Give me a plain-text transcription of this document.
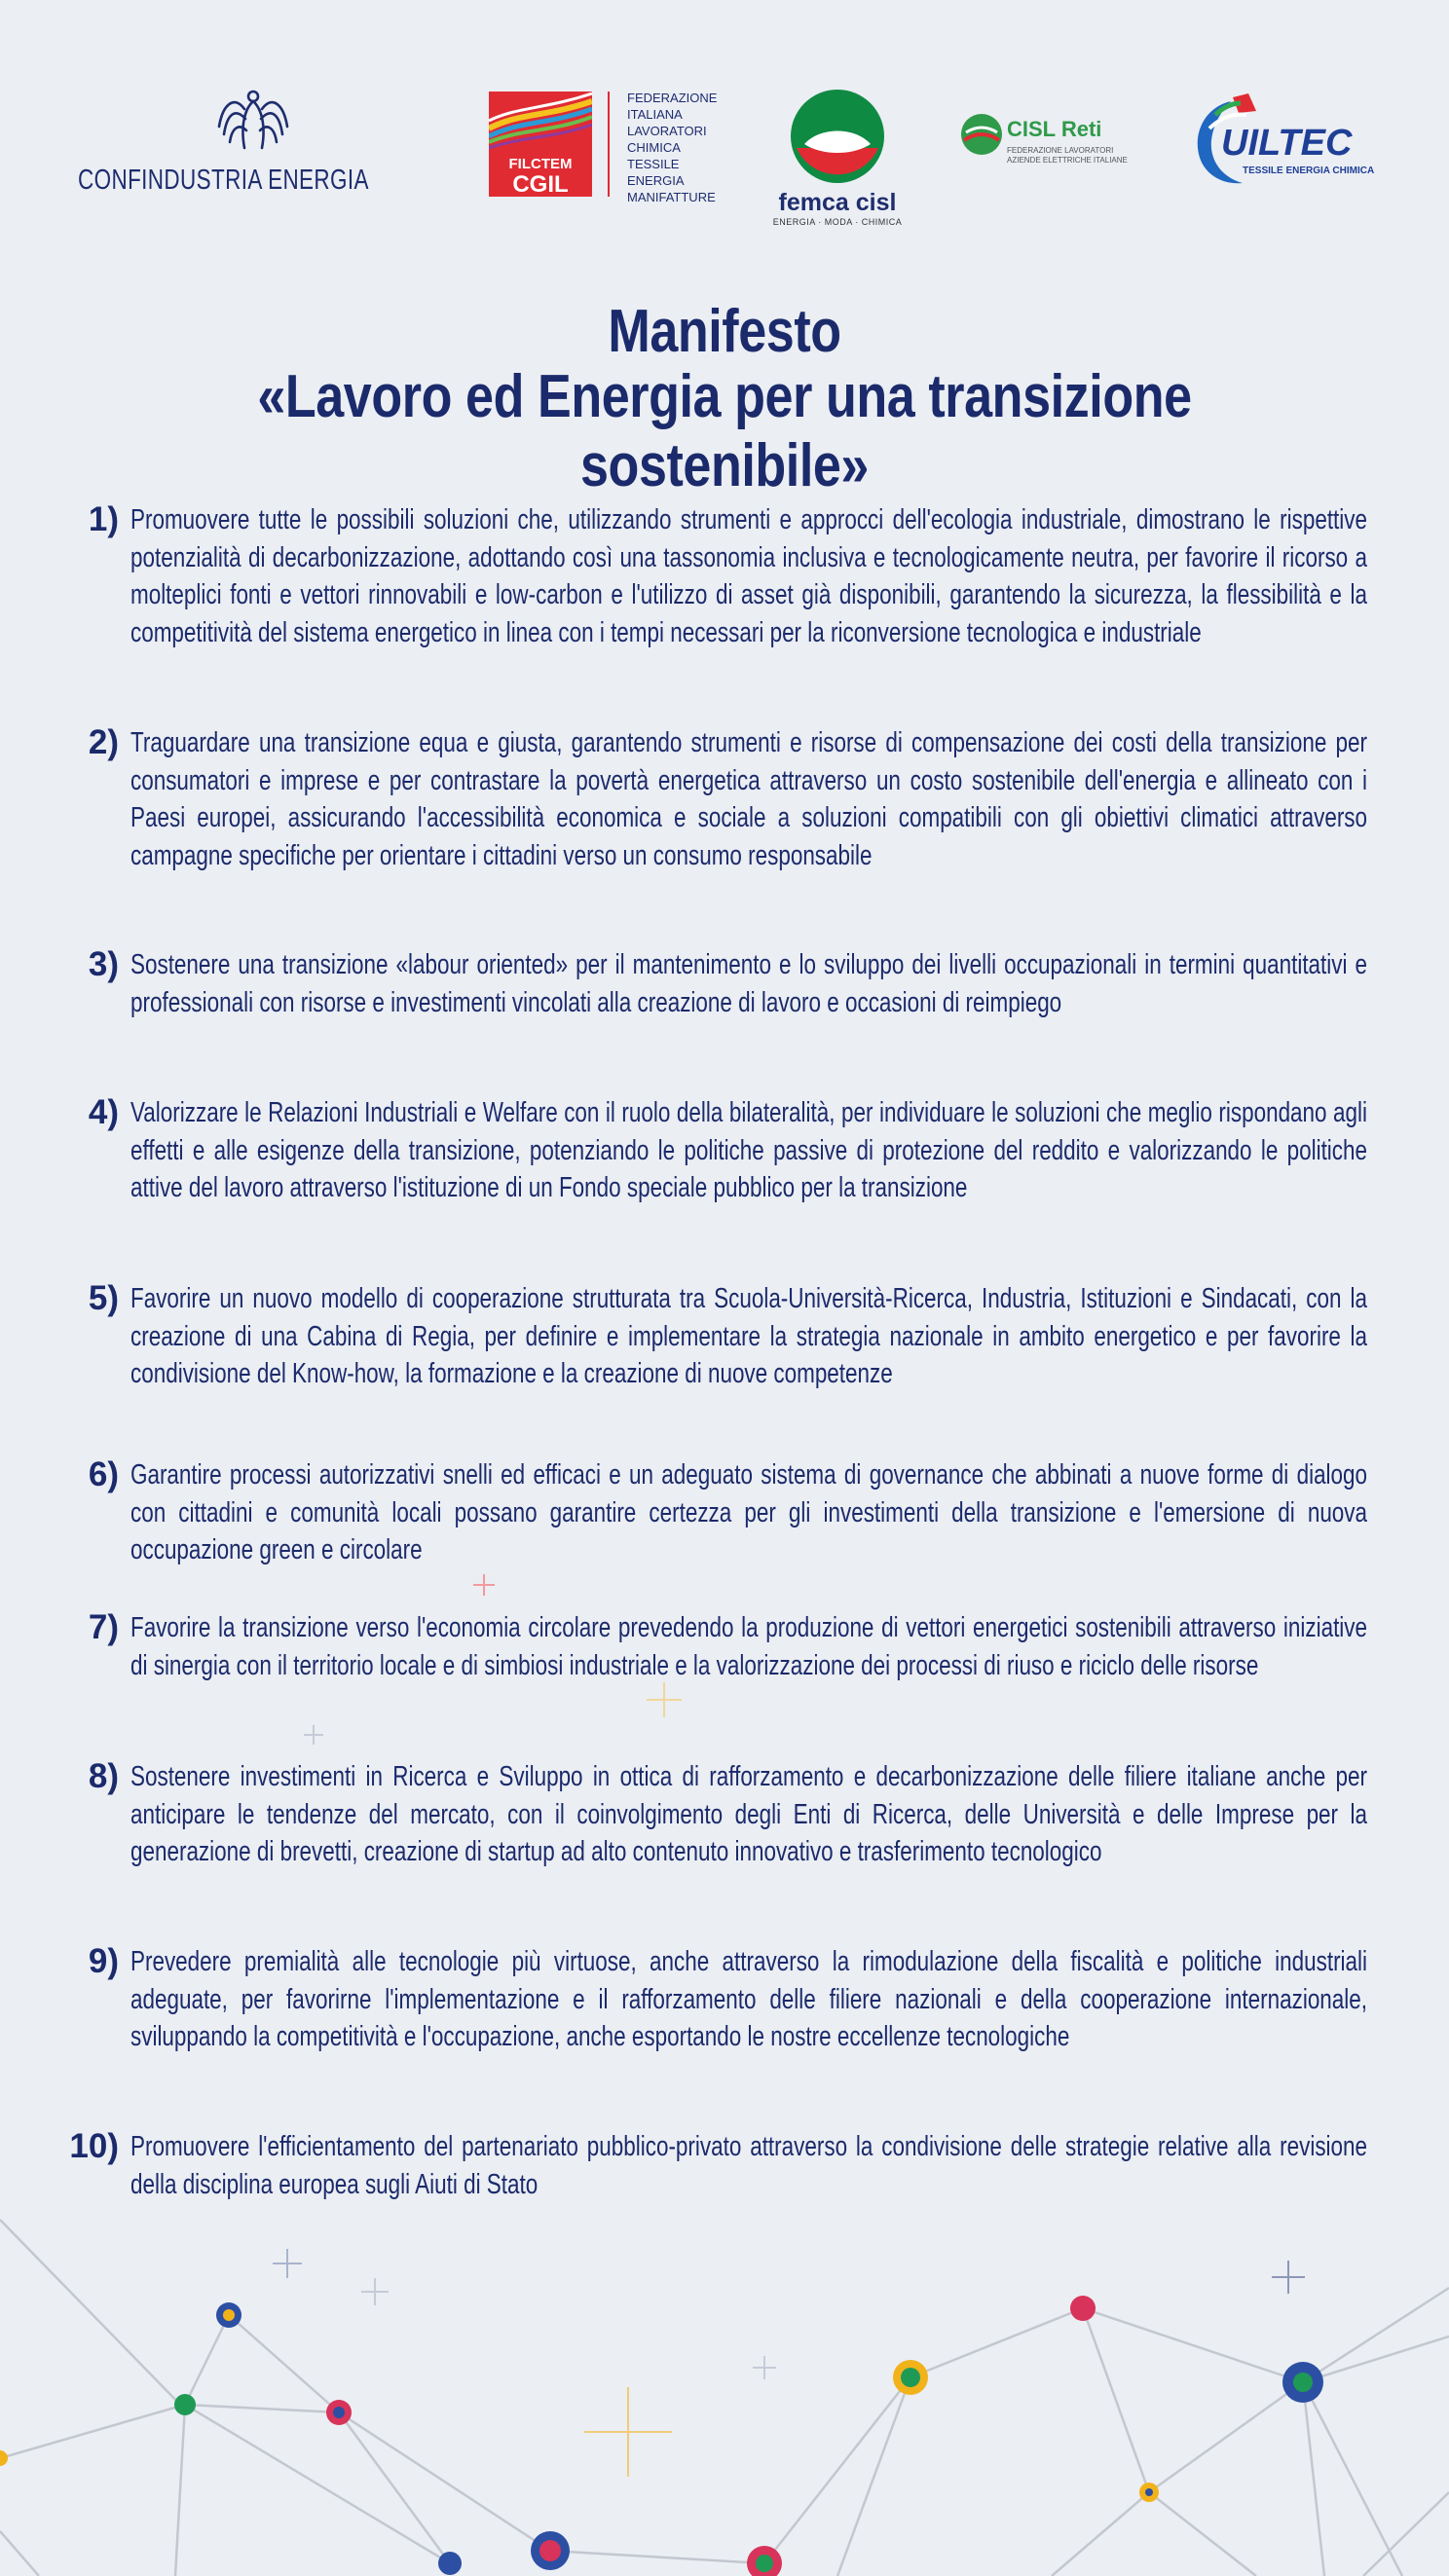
CONFINDUSTRIA ENERGIA
FILCTEM
CGIL
FEDERAZIONE
ITALIANA
LAVORATORI
CHIMICA
TESSILE
ENERGIA
MANIFATTURE	femca cisl
ENERGIA · MODA · CHIMICA
CISL Reti
FEDERAZIONE LAVORATORI
AZIENDE ELETTRICHE ITALIANE	UILTEC
TESSILE ENERGIA CHIMICA
Manifesto
«Lavoro ed Energia per una transizione sostenibile»
1) Promuovere tutte le possibili soluzioni che, utilizzando strumenti e approcci dell'ecologia industriale, dimostrano le rispettive potenzialità di decarbonizzazione, adottando così una tassonomia inclusiva e tecnologicamente neutra, per favorire il ricorso a molteplici fonti e vettori rinnovabili e low-carbon e l'utilizzo di asset già disponibili, garantendo la sicurezza, la flessibilità e la competitività del sistema energetico in linea con i tempi necessari per la riconversione tecnologica e industriale
2) Traguardare una transizione equa e giusta, garantendo strumenti e risorse di compensazione dei costi della transizione per consumatori e imprese e per contrastare la povertà energetica attraverso un costo sostenibile dell'energia e allineato con i Paesi europei, assicurando l'accessibilità economica e sociale a soluzioni compatibili con gli obiettivi climatici attraverso campagne specifiche per orientare i cittadini verso un consumo responsabile
3) Sostenere una transizione «labour oriented» per il mantenimento e lo sviluppo dei livelli occupazionali in termini quantitativi e professionali con risorse e investimenti vincolati alla creazione di lavoro e occasioni di reimpiego
4) Valorizzare le Relazioni Industriali e Welfare con il ruolo della bilateralità, per individuare le soluzioni che meglio rispondano agli effetti e alle esigenze della transizione, potenziando le politiche passive di protezione del reddito e valorizzando le politiche attive del lavoro attraverso l'istituzione di un Fondo speciale pubblico per la transizione
5) Favorire un nuovo modello di cooperazione strutturata tra Scuola-Università-Ricerca, Industria, Istituzioni e Sindacati, con la creazione di una Cabina di Regia, per definire e implementare la strategia nazionale in ambito energetico e per favorire la condivisione del Know-how, la formazione e la creazione di nuove competenze
6) Garantire processi autorizzativi snelli ed efficaci e un adeguato sistema di governance che abbinati a nuove forme di dialogo con cittadini e comunità locali possano garantire certezza per gli investimenti della transizione e l'emersione di nuova occupazione green e circolare
7) Favorire la transizione verso l'economia circolare prevedendo la produzione di vettori energetici sostenibili attraverso iniziative di sinergia con il territorio locale e di simbiosi industriale e la valorizzazione dei processi di riuso e riciclo delle risorse
8) Sostenere investimenti in Ricerca e Sviluppo in ottica di rafforzamento e decarbonizzazione delle filiere italiane anche per anticipare le tendenze del mercato, con il coinvolgimento degli Enti di Ricerca, delle Università e delle Imprese per la generazione di brevetti, creazione di startup ad alto contenuto innovativo e trasferimento tecnologico
9) Prevedere premialità alle tecnologie più virtuose, anche attraverso la rimodulazione della fiscalità e politiche industriali adeguate, per favorirne l'implementazione e il rafforzamento delle filiere nazionali e della cooperazione internazionale, sviluppando la competitività e l'occupazione, anche esportando le nostre eccellenze tecnologiche
10) Promuovere l'efficientamento del partenariato pubblico-privato attraverso la condivisione delle strategie relative alla revisione della disciplina europea sugli Aiuti di Stato
